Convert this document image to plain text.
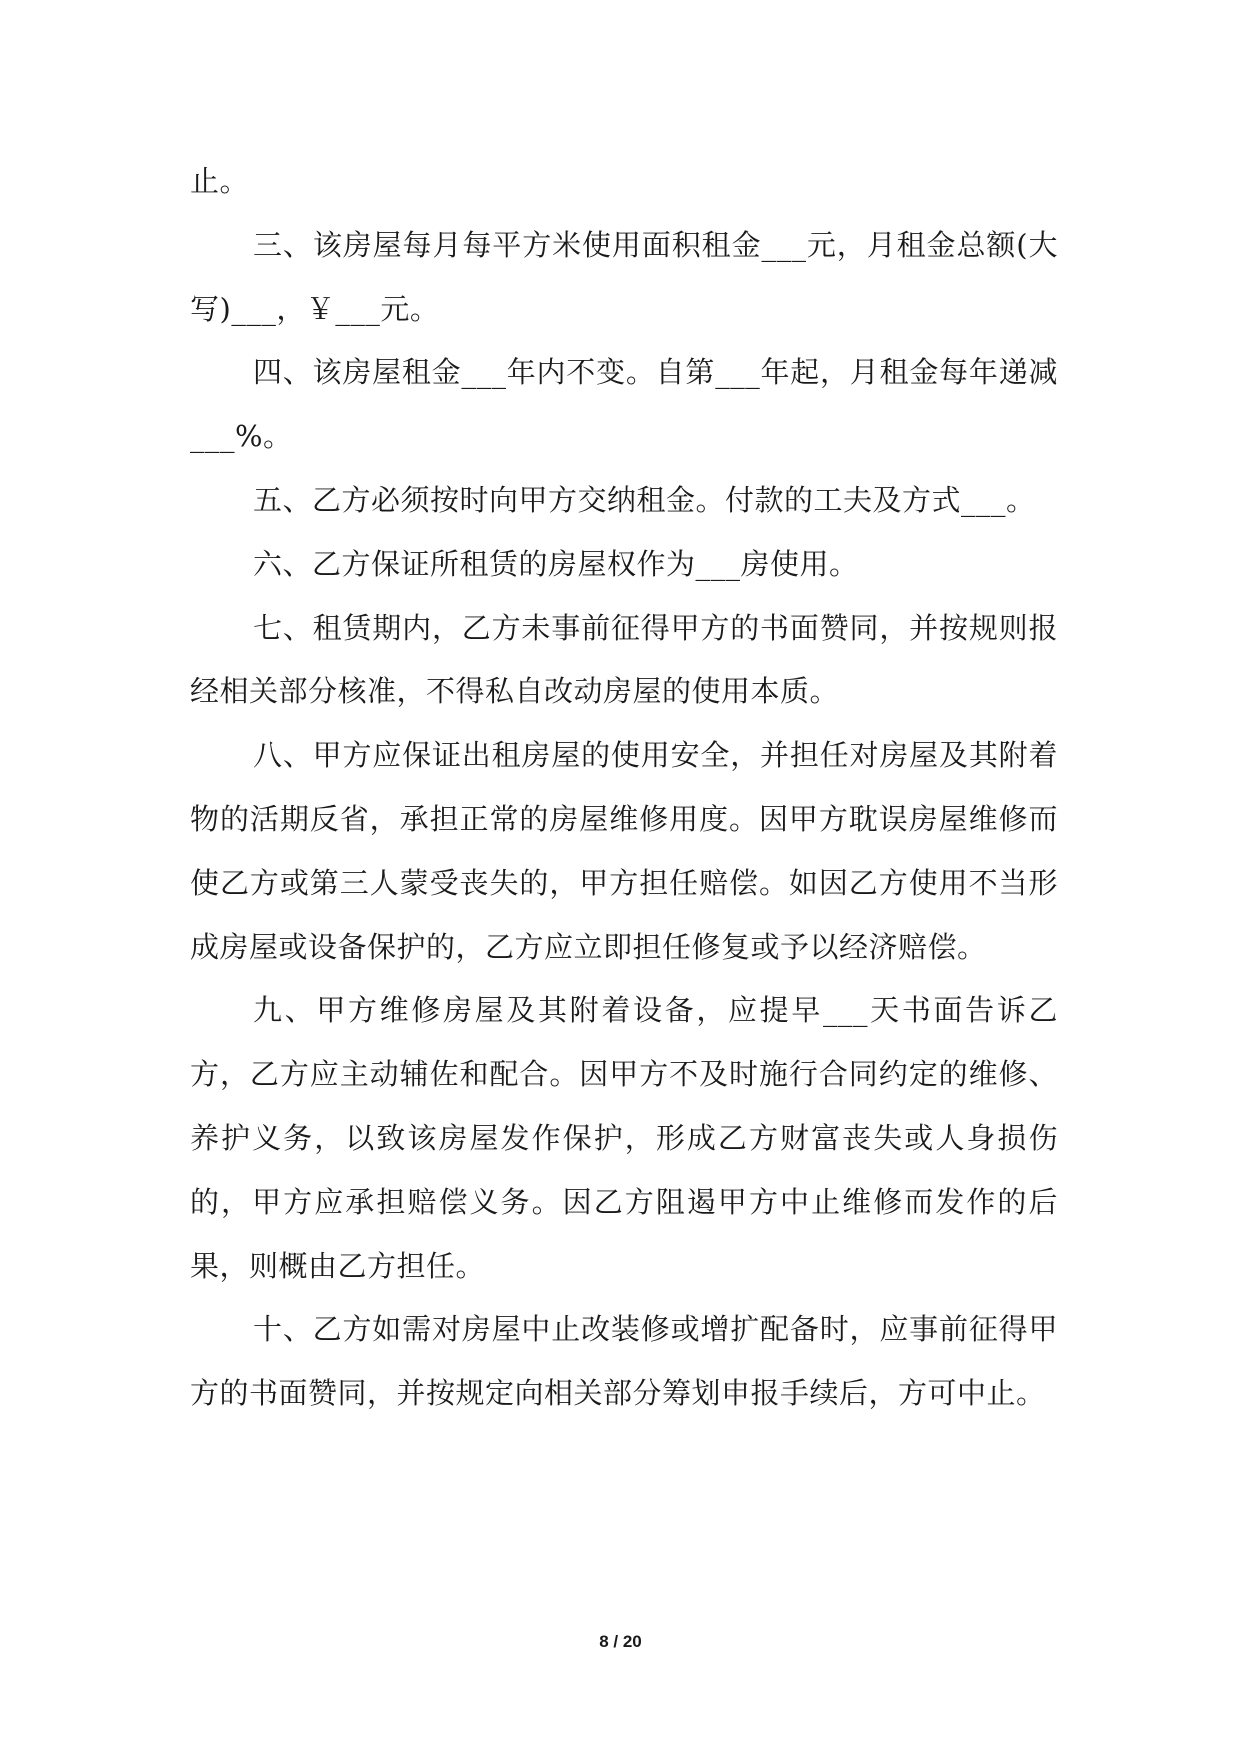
止。

三、该房屋每月每平方米使用面积租金___元，月租金总额(大写)___，￥___元。

四、该房屋租金___年内不变。自第___年起，月租金每年递减___%。

五、乙方必须按时向甲方交纳租金。付款的工夫及方式___。

六、乙方保证所租赁的房屋权作为___房使用。

七、租赁期内，乙方未事前征得甲方的书面赞同，并按规则报经相关部分核准，不得私自改动房屋的使用本质。

八、甲方应保证出租房屋的使用安全，并担任对房屋及其附着物的活期反省，承担正常的房屋维修用度。因甲方耽误房屋维修而使乙方或第三人蒙受丧失的，甲方担任赔偿。如因乙方使用不当形成房屋或设备保护的，乙方应立即担任修复或予以经济赔偿。

九、甲方维修房屋及其附着设备，应提早___天书面告诉乙方，乙方应主动辅佐和配合。因甲方不及时施行合同约定的维修、养护义务，以致该房屋发作保护，形成乙方财富丧失或人身损伤的，甲方应承担赔偿义务。因乙方阻遏甲方中止维修而发作的后果，则概由乙方担任。

十、乙方如需对房屋中止改装修或增扩配备时，应事前征得甲方的书面赞同，并按规定向相关部分筹划申报手续后，方可中止。

8 / 20
